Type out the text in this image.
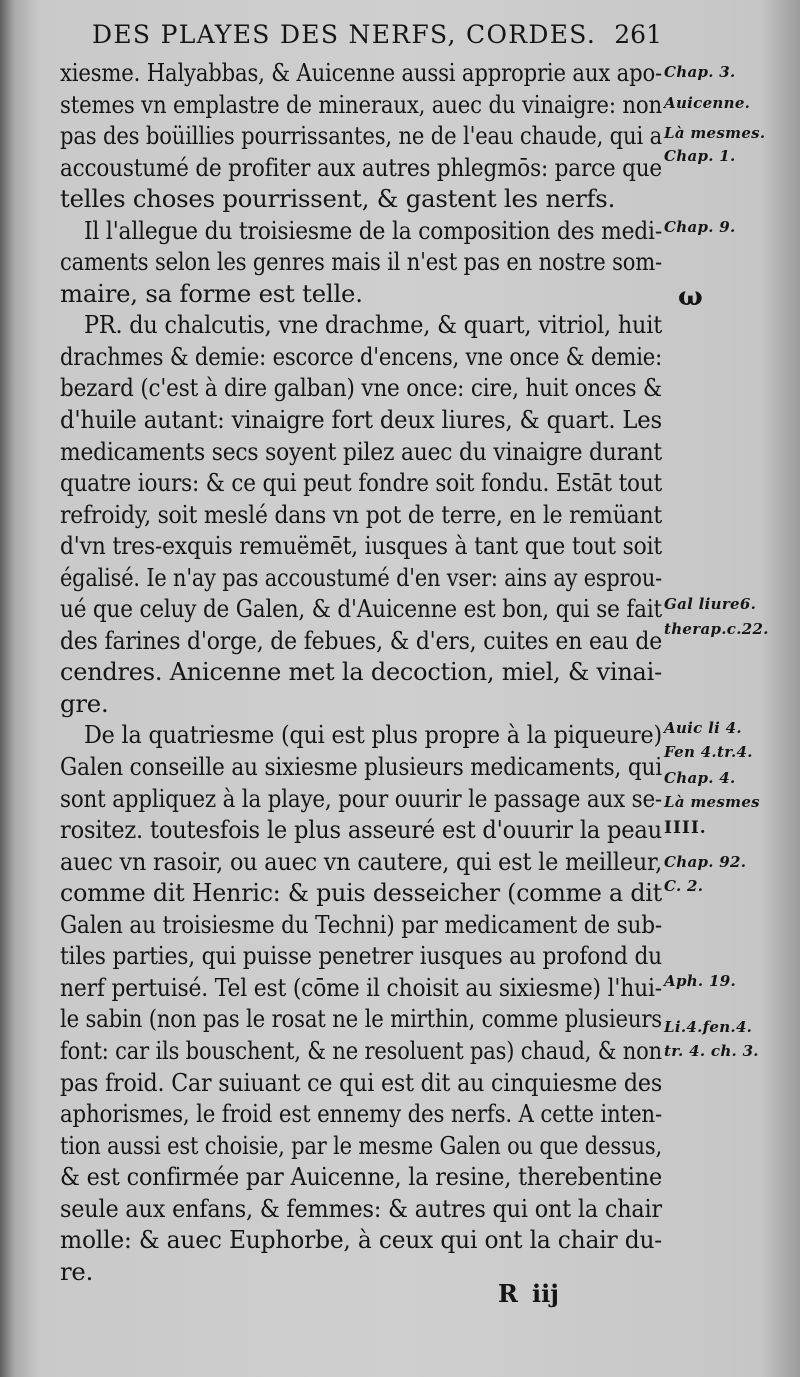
DES PLAYES DES NERFS, CORDES. 261
xiesme. Halyabbas, & Auicenne aussi approprie aux apo-
stemes vn emplastre de mineraux, auec du vinaigre: non
pas des boüillies pourrissantes, ne de l'eau chaude, qui a
accoustumé de profiter aux autres phlegmōs: parce que
telles choses pourrissent, & gastent les nerfs.
Il l'allegue du troisiesme de la composition des medi-
caments selon les genres mais il n'est pas en nostre som-
maire, sa forme est telle.
PR. du chalcutis, vne drachme, & quart, vitriol, huit
drachmes & demie: escorce d'encens, vne once & demie:
bezard (c'est à dire galban) vne once: cire, huit onces &
d'huile autant: vinaigre fort deux liures, & quart. Les
medicaments secs soyent pilez auec du vinaigre durant
quatre iours: & ce qui peut fondre soit fondu. Estāt tout
refroidy, soit meslé dans vn pot de terre, en le remüant
d'vn tres-exquis remuëmēt, iusques à tant que tout soit
égalisé. Ie n'ay pas accoustumé d'en vser: ains ay esprou-
ué que celuy de Galen, & d'Auicenne est bon, qui se fait
des farines d'orge, de febues, & d'ers, cuites en eau de
cendres. Anicenne met la decoction, miel, & vinai-
gre.
De la quatriesme (qui est plus propre à la piqueure)
Galen conseille au sixiesme plusieurs medicaments, qui
sont appliquez à la playe, pour ouurir le passage aux se-
rositez. toutesfois le plus asseuré est d'ouurir la peau
auec vn rasoir, ou auec vn cautere, qui est le meilleur,
comme dit Henric: & puis desseicher (comme a dit
Galen au troisiesme du Techni) par medicament de sub-
tiles parties, qui puisse penetrer iusques au profond du
nerf pertuisé. Tel est (cōme il choisit au sixiesme) l'hui-
le sabin (non pas le rosat ne le mirthin, comme plusieurs
font: car ils bouschent, & ne resoluent pas) chaud, & non
pas froid. Car suiuant ce qui est dit au cinquiesme des
aphorismes, le froid est ennemy des nerfs. A cette inten-
tion aussi est choisie, par le mesme Galen ou que dessus,
& est confirmée par Auicenne, la resine, therebentine
seule aux enfans, & femmes: & autres qui ont la chair
molle: & auec Euphorbe, à ceux qui ont la chair du-
re.
Chap. 3.
Auicenne.
Là mesmes.
Chap. 1.
Chap. 9.
Gal liure6.
therap.c.22.
Auic li 4.
Fen 4.tr.4.
Chap. 4.
Là mesmes
IIII.
Chap. 92.
C. 2.
Aph. 19.
Li.4.fen.4.
tr. 4. ch. 3.
ω
R iij
